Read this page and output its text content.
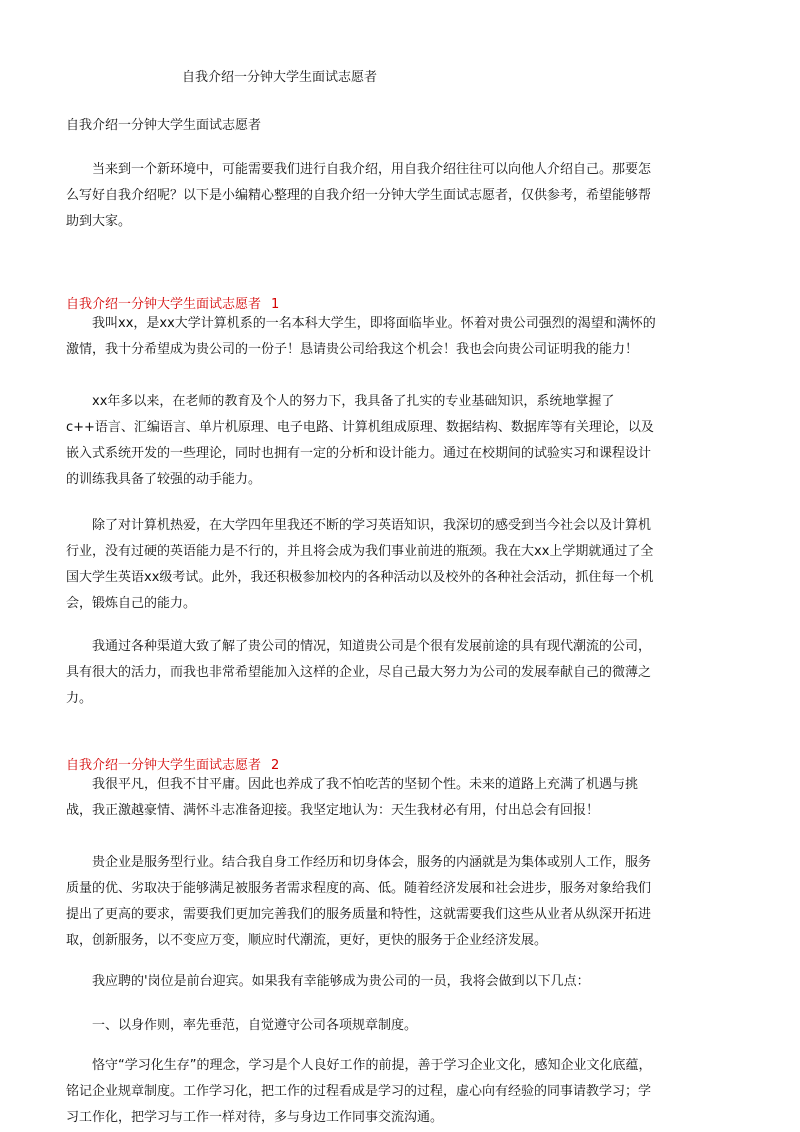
自我介绍一分钟大学生面试志愿者
自我介绍一分钟大学生面试志愿者

当来到一个新环境中，可能需要我们进行自我介绍，用自我介绍往往可以向他人介绍自己。那要怎么写好自我介绍呢？以下是小编精心整理的自我介绍一分钟大学生面试志愿者，仅供参考，希望能够帮助到大家。

自我介绍一分钟大学生面试志愿者 1

我叫xx，是xx大学计算机系的一名本科大学生，即将面临毕业。怀着对贵公司强烈的渴望和满怀的激情，我十分希望成为贵公司的一份子！恳请贵公司给我这个机会！我也会向贵公司证明我的能力！

xx年多以来，在老师的教育及个人的努力下，我具备了扎实的专业基础知识，系统地掌握了c++语言、汇编语言、单片机原理、电子电路、计算机组成原理、数据结构、数据库等有关理论，以及嵌入式系统开发的一些理论，同时也拥有一定的分析和设计能力。通过在校期间的试验实习和课程设计的训练我具备了较强的动手能力。

除了对计算机热爱，在大学四年里我还不断的学习英语知识，我深切的感受到当今社会以及计算机行业，没有过硬的英语能力是不行的，并且将会成为我们事业前进的瓶颈。我在大xx上学期就通过了全国大学生英语xx级考试。此外，我还积极参加校内的各种活动以及校外的各种社会活动，抓住每一个机会，锻炼自己的能力。

我通过各种渠道大致了解了贵公司的情况，知道贵公司是个很有发展前途的具有现代潮流的公司，具有很大的活力，而我也非常希望能加入这样的企业，尽自己最大努力为公司的发展奉献自己的微薄之力。

自我介绍一分钟大学生面试志愿者 2

我很平凡，但我不甘平庸。因此也养成了我不怕吃苦的坚韧个性。未来的道路上充满了机遇与挑战，我正激越豪情、满怀斗志准备迎接。我坚定地认为：天生我材必有用，付出总会有回报！

贵企业是服务型行业。结合我自身工作经历和切身体会，服务的内涵就是为集体或别人工作，服务质量的优、劣取决于能够满足被服务者需求程度的高、低。随着经济发展和社会进步，服务对象给我们提出了更高的要求，需要我们更加完善我们的服务质量和特性，这就需要我们这些从业者从纵深开拓进取，创新服务，以不变应万变，顺应时代潮流，更好，更快的服务于企业经济发展。

我应聘的'岗位是前台迎宾。如果我有幸能够成为贵公司的一员，我将会做到以下几点：

一、以身作则，率先垂范，自觉遵守公司各项规章制度。

恪守“学习化生存”的理念，学习是个人良好工作的前提，善于学习企业文化，感知企业文化底蕴，铭记企业规章制度。工作学习化，把工作的过程看成是学习的过程，虚心向有经验的同事请教学习；学习工作化，把学习与工作一样对待，多与身边工作同事交流沟通。
